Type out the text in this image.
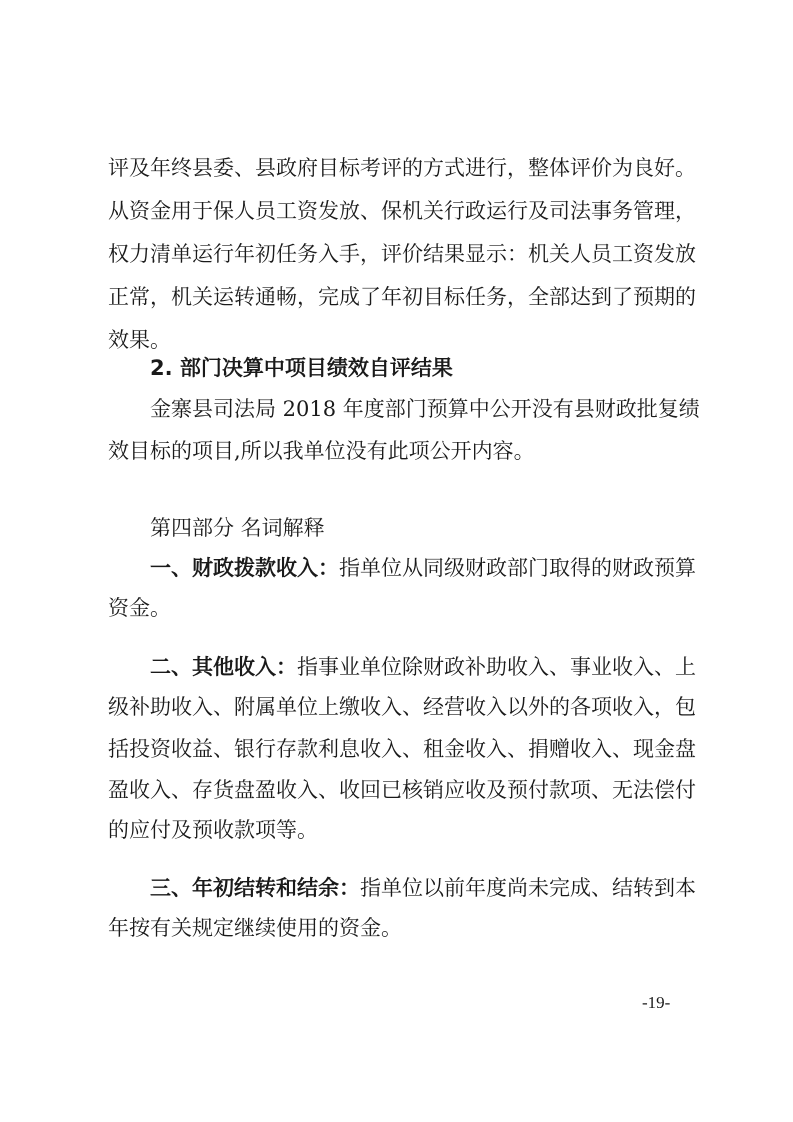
评及年终县委、县政府目标考评的方式进行，整体评价为良好。
从资金用于保人员工资发放、保机关行政运行及司法事务管理，
权力清单运行年初任务入手，评价结果显示：机关人员工资发放
正常，机关运转通畅，完成了年初目标任务，全部达到了预期的
效果。
2. 部门决算中项目绩效自评结果
金寨县司法局 2018 年度部门预算中公开没有县财政批复绩
效目标的项目,所以我单位没有此项公开内容。
第四部分 名词解释
一、财政拨款收入：指单位从同级财政部门取得的财政预算
资金。
二、其他收入：指事业单位除财政补助收入、事业收入、上
级补助收入、附属单位上缴收入、经营收入以外的各项收入，包
括投资收益、银行存款利息收入、租金收入、捐赠收入、现金盘
盈收入、存货盘盈收入、收回已核销应收及预付款项、无法偿付
的应付及预收款项等。
三、年初结转和结余：指单位以前年度尚未完成、结转到本
年按有关规定继续使用的资金。
-19-
